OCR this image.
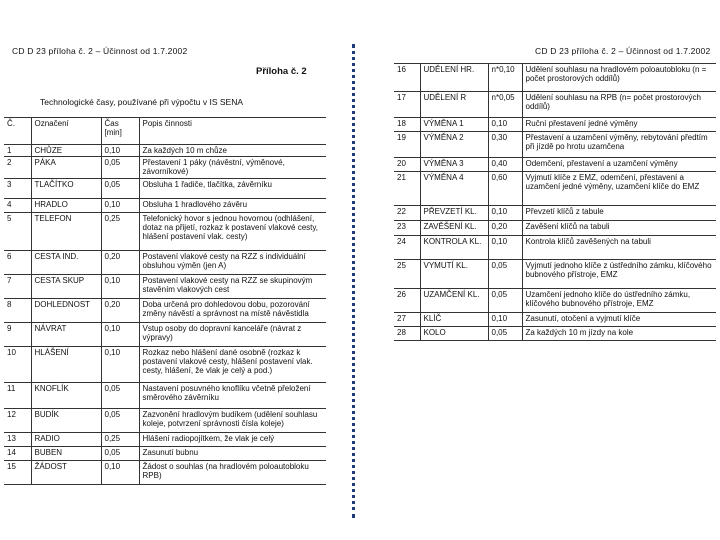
CD D 23 příloha č. 2 – Účinnost od 1.7.2002	CD D 23 příloha č. 2 – Účinnost od 1.7.2002
Příloha č. 2
Technologické časy, používané při výpočtu v IS SENA
Č.	Označení	Čas [min]	Popis činnosti
1	CHŮZE	0,10	Za každých 10 m chůze
2	PÁKA	0,05	Přestavení 1 páky (návěstní, výměnové, závorníkové)
3	TLAČÍTKO	0,05	Obsluha 1 řadiče, tlačítka, závěrníku
4	HRADLO	0,10	Obsluha 1 hradlového závěru
5	TELEFON	0,25	Telefonický hovor s jednou hovornou (odhlášení, dotaz na přijetí, rozkaz k postavení vlakové cesty, hlášení postavení vlak. cesty)
6	CESTA IND.	0,20	Postavení vlakové cesty na RZZ s individuální obsluhou výměn (jen A)
7	CESTA SKUP	0,10	Postavení vlakové cesty na RZZ se skupinovým stavěním vlakových cest
8	DOHLEDNOST	0,20	Doba určená pro dohledovou dobu, pozorování změny návěstí a správnost na místě návěstidla
9	NÁVRAT	0,10	Vstup osoby do dopravní kanceláře (návrat z výpravy)
10	HLÁŠENÍ	0,10	Rozkaz nebo hlášení dané osobně (rozkaz k postavení vlakové cesty, hlášení postavení vlak. cesty, hlášení, že vlak je celý a pod.)
11	KNOFLÍK	0,05	Nastavení posuvného knoflíku včetně přeložení směrového závěrníku
12	BUDÍK	0,05	Zazvonění hradlovým budíkem (udělení souhlasu koleje, potvrzení správnosti čísla koleje)
13	RADIO	0,25	Hlášení radiopojítkem, že vlak je celý
14	BUBEN	0,05	Zasunutí bubnu
15	ŽÁDOST	0,10	Žádost o souhlas (na hradlovém poloautobloku RPB)
16	UDĚLENÍ HR.	n*0,10	Udělení souhlasu na hradlovém poloautobloku (n = počet prostorových oddílů)
17	UDĚLENÍ R	n*0,05	Udělení souhlasu na RPB (n= počet prostorových oddílů)
18	VÝMĚNA 1	0,10	Ruční přestavení jedné výměny
19	VÝMĚNA 2	0,30	Přestavení a uzamčení výměny, rebytování předtím při jízdě po hrotu uzamčena
20	VÝMĚNA 3	0,40	Odemčení, přestavení a uzamčení výměny
21	VÝMĚNA 4	0,60	Vyjmutí klíče z EMZ, odemčení, přestavení a uzamčení jedné výměny, uzamčení klíče do EMZ
22	PŘEVZETÍ KL.	0,10	Převzetí klíčů z tabule
23	ZAVĚŠENÍ KL.	0,20	Zavěšení klíčů na tabuli
24	KONTROLA KL.	0,10	Kontrola klíčů zavěšených na tabuli
25	VYMUTÍ KL.	0,05	Vyjmutí jednoho klíče z ústředního zámku, klíčového bubnového přístroje, EMZ
26	UZAMČENÍ KL.	0,05	Uzamčení jednoho klíče do ústředního zámku, klíčového bubnového přístroje, EMZ
27	KLÍČ	0,10	Zasunutí, otočení a vyjmutí klíče
28	KOLO	0,05	Za každých 10 m jízdy na kole
